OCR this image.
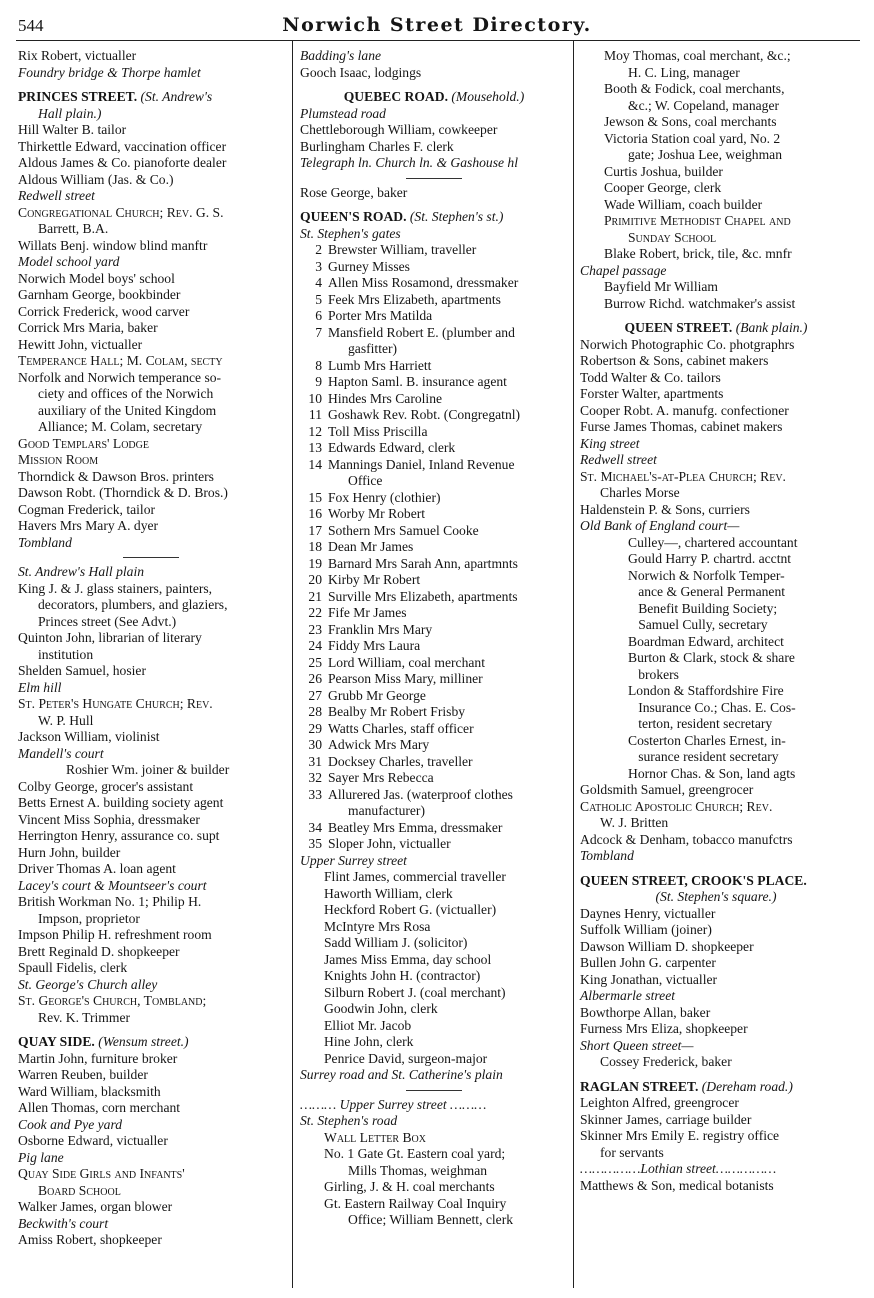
544	Norwich Street Directory.
Rix Robert, victualler
Foundry bridge & Thorpe hamlet
PRINCES STREET. (St. Andrew's
Hall plain.)
Hill Walter B. tailor
Thirkettle Edward, vaccination officer
Aldous James & Co. pianoforte dealer
Aldous William (Jas. & Co.)
Redwell street
Congregational Church; Rev. G. S.
Barrett, B.A.
Willats Benj. window blind manftr
Model school yard
Norwich Model boys' school
Garnham George, bookbinder
Corrick Frederick, wood carver
Corrick Mrs Maria, baker
Hewitt John, victualler
Temperance Hall; M. Colam, secty
Norfolk and Norwich temperance so-
ciety and offices of the Norwich
auxiliary of the United Kingdom
Alliance; M. Colam, secretary
Good Templars' Lodge
Mission Room
Thorndick & Dawson Bros. printers
Dawson Robt. (Thorndick & D. Bros.)
Cogman Frederick, tailor
Havers Mrs Mary A. dyer
Tombland
St. Andrew's Hall plain
King J. & J. glass stainers, painters,
decorators, plumbers, and glaziers,
Princes street (See Advt.)
Quinton John, librarian of literary
institution
Shelden Samuel, hosier
Elm hill
St. Peter's Hungate Church; Rev.
W. P. Hull
Jackson William, violinist
Mandell's court
Roshier Wm. joiner & builder
Colby George, grocer's assistant
Betts Ernest A. building society agent
Vincent Miss Sophia, dressmaker
Herrington Henry, assurance co. supt
Hurn John, builder
Driver Thomas A. loan agent
Lacey's court & Mountseer's court
British Workman No. 1; Philip H.
Impson, proprietor
Impson Philip H. refreshment room
Brett Reginald D. shopkeeper
Spaull Fidelis, clerk
St. George's Church alley
St. George's Church, Tombland;
Rev. K. Trimmer
QUAY SIDE. (Wensum street.)
Martin John, furniture broker
Warren Reuben, builder
Ward William, blacksmith
Allen Thomas, corn merchant
Cook and Pye yard
Osborne Edward, victualler
Pig lane
Quay Side Girls and Infants'
Board School
Walker James, organ blower
Beckwith's court
Amiss Robert, shopkeeper
Badding's lane
Gooch Isaac, lodgings
QUEBEC ROAD. (Mousehold.)
Plumstead road
Chettleborough William, cowkeeper
Burlingham Charles F. clerk
Telegraph ln. Church ln. & Gashouse hl
Rose George, baker
QUEEN'S ROAD. (St. Stephen's st.)
St. Stephen's gates
2 Brewster William, traveller
3 Gurney Misses
4 Allen Miss Rosamond, dressmaker
5 Feek Mrs Elizabeth, apartments
6 Porter Mrs Matilda
7 Mansfield Robert E. (plumber and
gasfitter)
8 Lumb Mrs Harriett
9 Hapton Saml. B. insurance agent
10 Hindes Mrs Caroline
11 Goshawk Rev. Robt. (Congregatnl)
12 Toll Miss Priscilla
13 Edwards Edward, clerk
14 Mannings Daniel, Inland Revenue
Office
15 Fox Henry (clothier)
16 Worby Mr Robert
17 Sothern Mrs Samuel Cooke
18 Dean Mr James
19 Barnard Mrs Sarah Ann, apartmnts
20 Kirby Mr Robert
21 Surville Mrs Elizabeth, apartments
22 Fife Mr James
23 Franklin Mrs Mary
24 Fiddy Mrs Laura
25 Lord William, coal merchant
26 Pearson Miss Mary, milliner
27 Grubb Mr George
28 Bealby Mr Robert Frisby
29 Watts Charles, staff officer
30 Adwick Mrs Mary
31 Docksey Charles, traveller
32 Sayer Mrs Rebecca
33 Allurered Jas. (waterproof clothes
manufacturer)
34 Beatley Mrs Emma, dressmaker
35 Sloper John, victualler
Upper Surrey street
Flint James, commercial traveller
Haworth William, clerk
Heckford Robert G. (victualler)
McIntyre Mrs Rosa
Sadd William J. (solicitor)
James Miss Emma, day school
Knights John H. (contractor)
Silburn Robert J. (coal merchant)
Goodwin John, clerk
Elliot Mr. Jacob
Hine John, clerk
Penrice David, surgeon-major
Surrey road and St. Catherine's plain
……… Upper Surrey street ………
St. Stephen's road
Wall Letter Box
No. 1 Gate Gt. Eastern coal yard;
Mills Thomas, weighman
Girling, J. & H. coal merchants
Gt. Eastern Railway Coal Inquiry
Office; William Bennett, clerk
Moy Thomas, coal merchant, &c.;
H. C. Ling, manager
Booth & Fodick, coal merchants,
&c.; W. Copeland, manager
Jewson & Sons, coal merchants
Victoria Station coal yard, No. 2
gate; Joshua Lee, weighman
Curtis Joshua, builder
Cooper George, clerk
Wade William, coach builder
Primitive Methodist Chapel and
Sunday School
Blake Robert, brick, tile, &c. mnfr
Chapel passage
Bayfield Mr William
Burrow Richd. watchmaker's assist
QUEEN STREET. (Bank plain.)
Norwich Photographic Co. photgraphrs
Robertson & Sons, cabinet makers
Todd Walter & Co. tailors
Forster Walter, apartments
Cooper Robt. A. manufg. confectioner
Furse James Thomas, cabinet makers
King street
Redwell street
St. Michael's-at-Plea Church; Rev.
Charles Morse
Haldenstein P. & Sons, curriers
Old Bank of England court—
Culley—, chartered accountant
Gould Harry P. chartrd. acctnt
Norwich & Norfolk Temper-
ance & General Permanent
Benefit Building Society;
Samuel Cully, secretary
Boardman Edward, architect
Burton & Clark, stock & share
brokers
London & Staffordshire Fire
Insurance Co.; Chas. E. Cos-
terton, resident secretary
Costerton Charles Ernest, in-
surance resident secretary
Hornor Chas. & Son, land agts
Goldsmith Samuel, greengrocer
Catholic Apostolic Church; Rev.
W. J. Britten
Adcock & Denham, tobacco manufctrs
Tombland
QUEEN STREET, CROOK'S PLACE.
(St. Stephen's square.)
Daynes Henry, victualler
Suffolk William (joiner)
Dawson William D. shopkeeper
Bullen John G. carpenter
King Jonathan, victualler
Albermarle street
Bowthorpe Allan, baker
Furness Mrs Eliza, shopkeeper
Short Queen street—
Cossey Frederick, baker
RAGLAN STREET. (Dereham road.)
Leighton Alfred, greengrocer
Skinner James, carriage builder
Skinner Mrs Emily E. registry office
for servants
……………Lothian street……………
Matthews & Son, medical botanists
